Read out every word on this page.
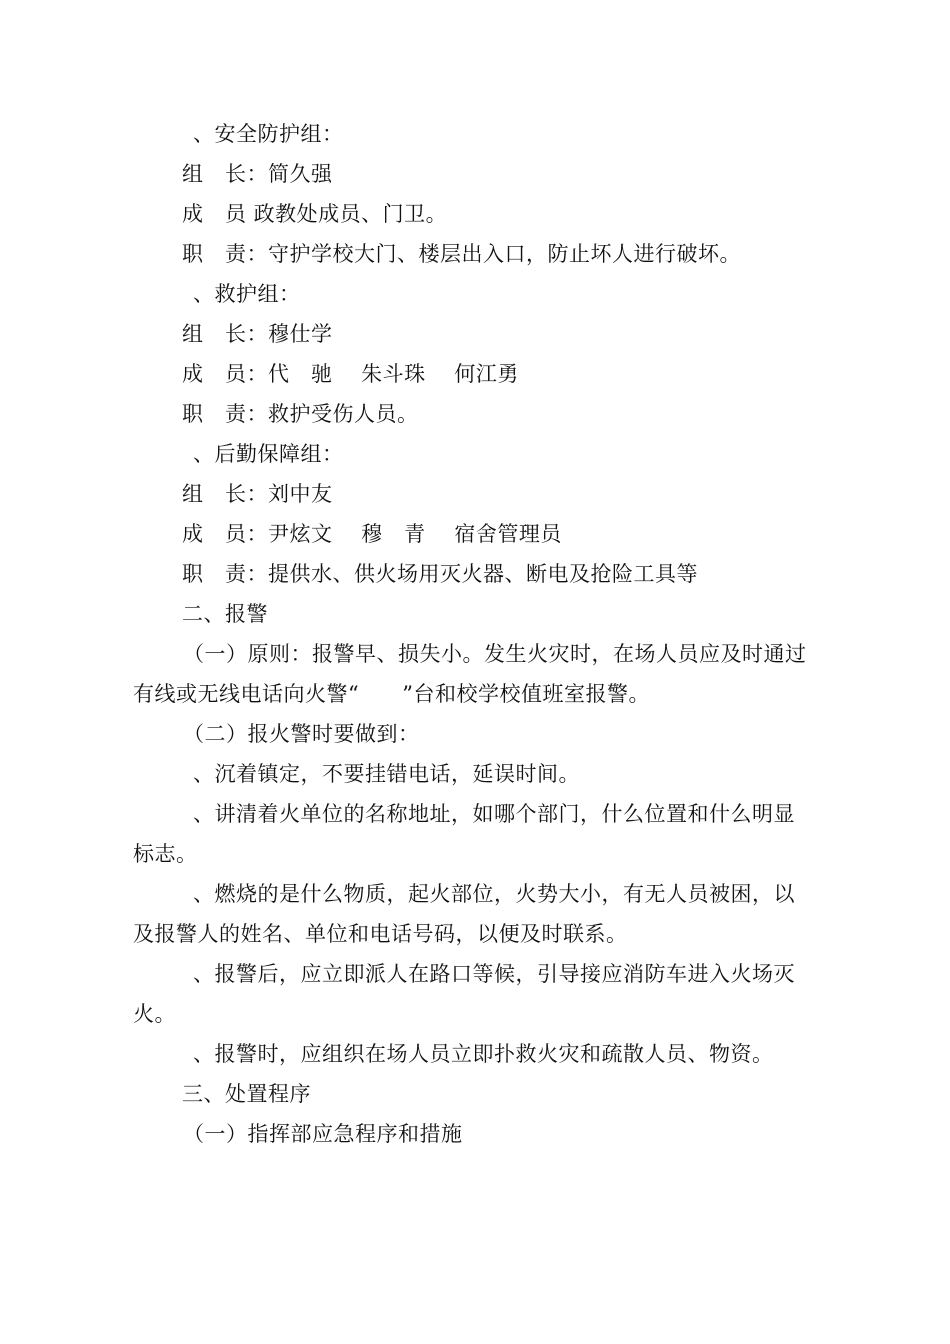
、安全防护组：
组　长：简久强
成　员 政教处成员、门卫。
职　责：守护学校大门、楼层出入口，防止坏人进行破坏。
、救护组：
组　长：穆仕学
成　员：代　驰　 朱斗珠　 何江勇
职　责：救护受伤人员。
、后勤保障组：
组　长：刘中友
成　员：尹炫文　 穆　青　 宿舍管理员
职　责：提供水、供火场用灭火器、断电及抢险工具等
二、报警
（一）原则：报警早、损失小。发生火灾时，在场人员应及时通过
有线或无线电话向火警“　　”台和校学校值班室报警。
（二）报火警时要做到：
、沉着镇定，不要挂错电话，延误时间。
、讲清着火单位的名称地址，如哪个部门，什么位置和什么明显
标志。
、燃烧的是什么物质，起火部位，火势大小，有无人员被困，以
及报警人的姓名、单位和电话号码，以便及时联系。
、报警后，应立即派人在路口等候，引导接应消防车进入火场灭
火。
、报警时，应组织在场人员立即扑救火灾和疏散人员、物资。
三、处置程序
（一）指挥部应急程序和措施
